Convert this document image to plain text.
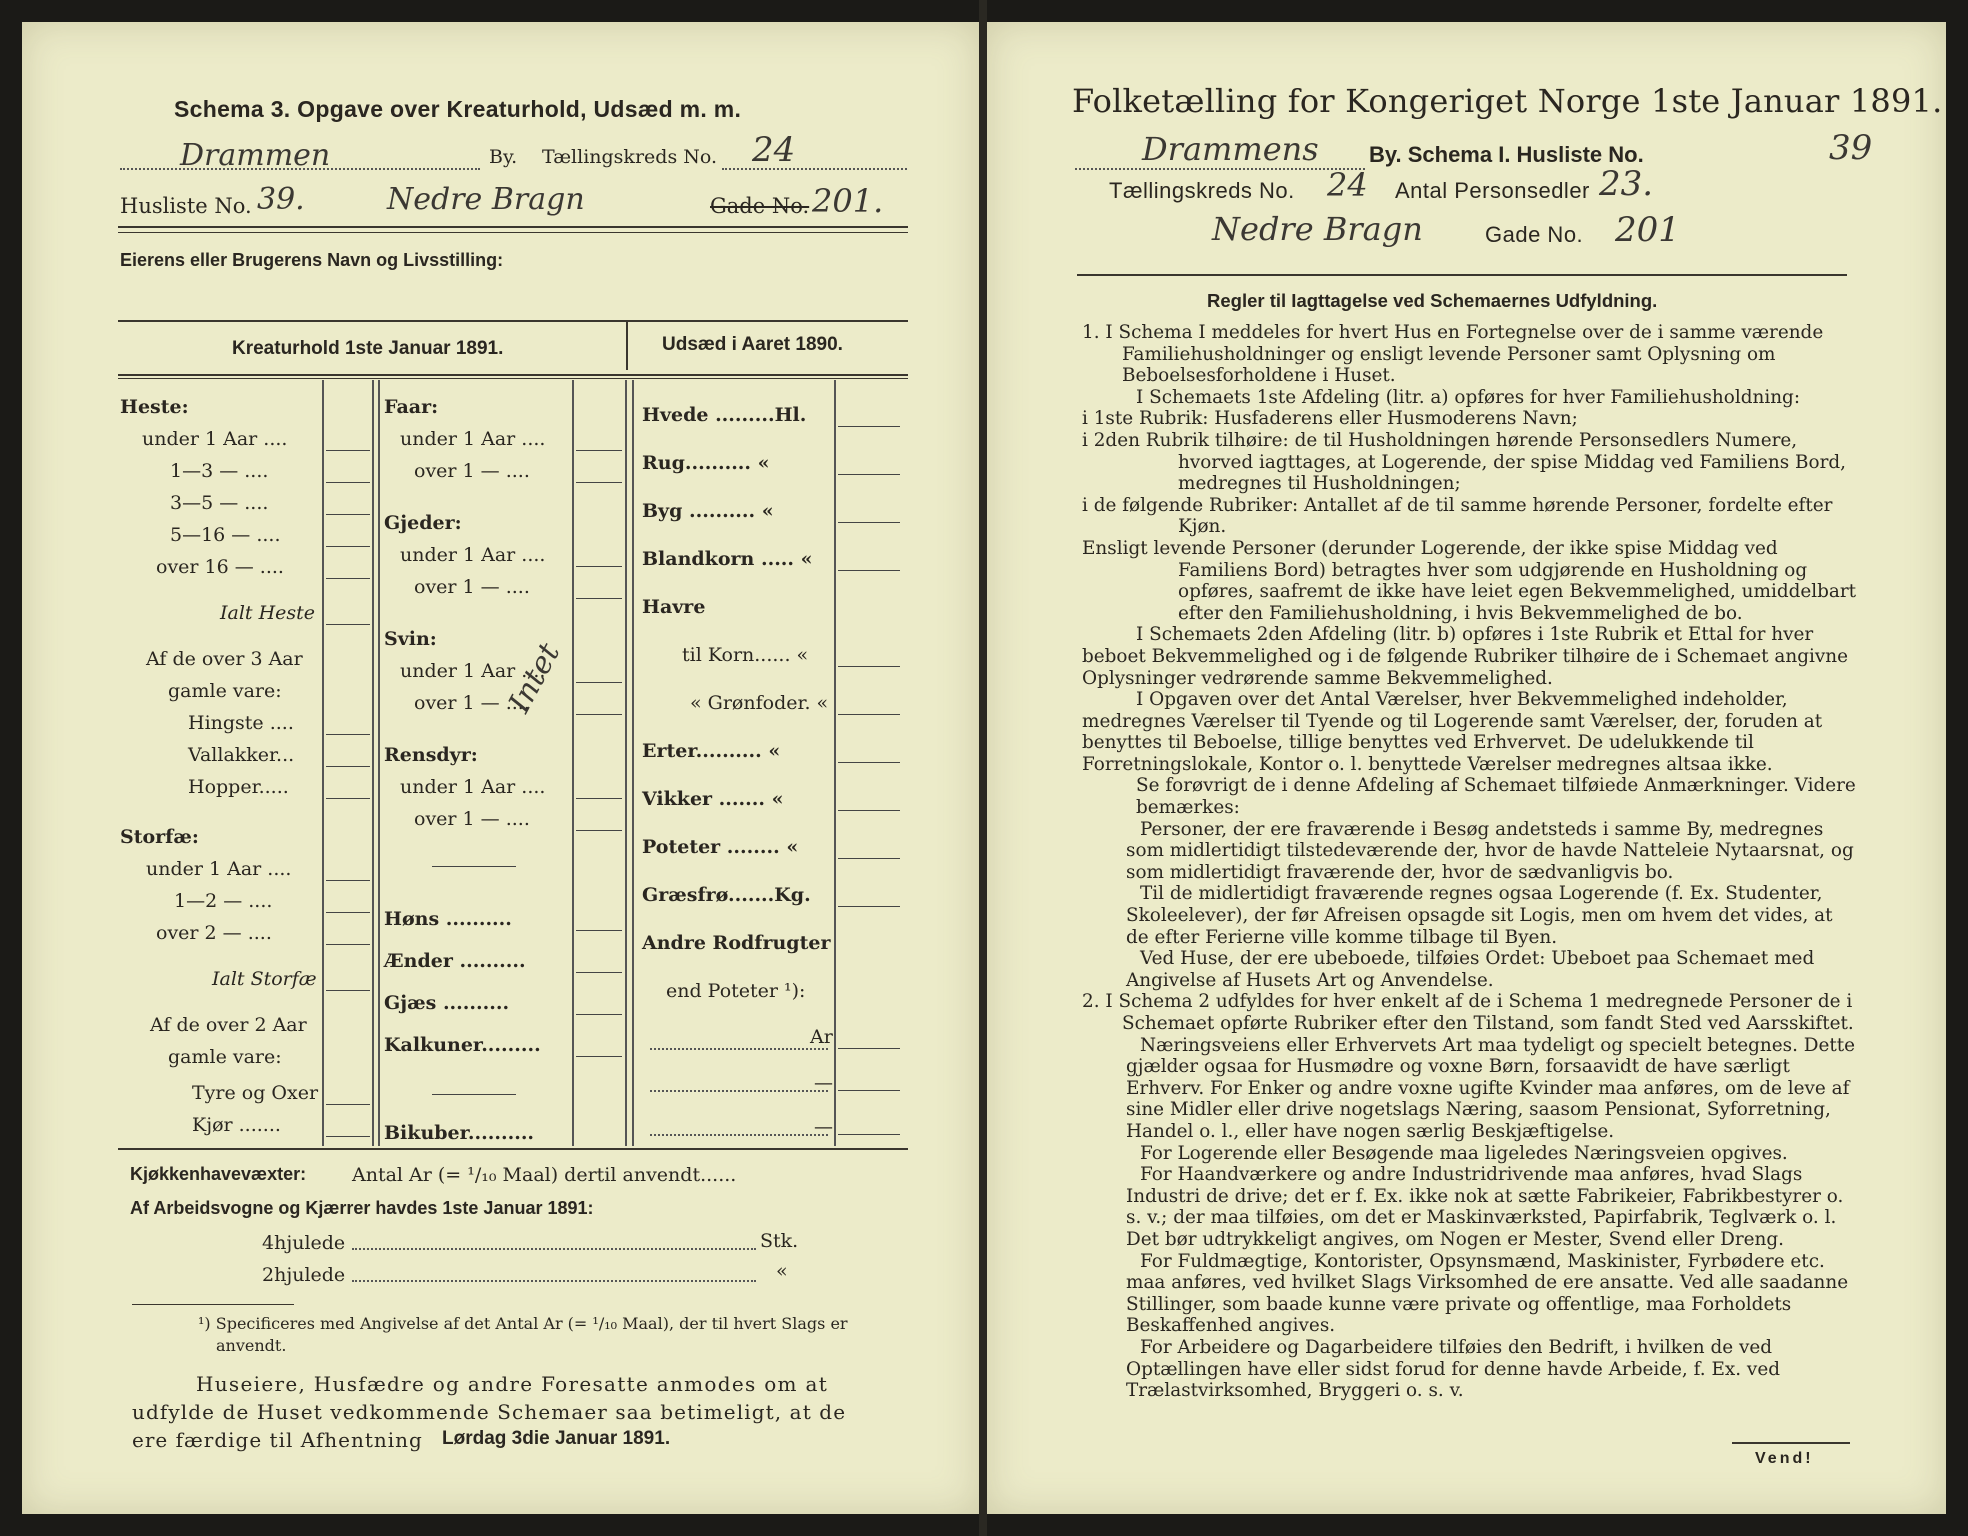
Schema 3. Opgave over Kreaturhold, Udsæd m. m.
Drammen	By. Tællingskreds No. 24
Husliste No. 39.	Nedre Bragn	Gade No. 201.
Eierens eller Brugerens Navn og Livsstilling:
Kreaturhold 1ste Januar 1891.	Udsæd i Aaret 1890.
Heste:
under 1 Aar ....
1—3 — ....
3—5 — ....
5—16 — ....
over 16 — ....
Ialt Heste
Af de over 3 Aar
gamle vare:
Hingste ....
Vallakker...
Hopper.....
Storfæ:
under 1 Aar ....
1—2 — ....
over 2 — ....
Ialt Storfæ
Af de over 2 Aar
gamle vare:
Tyre og Oxer
Kjør .......
Faar:
under 1 Aar ....
over 1 — ....
Gjeder:
under 1 Aar ....
over 1 — ....
Svin:
under 1 Aar ....
over 1 — ....
Rensdyr:
under 1 Aar ....
over 1 — ....
Høns ..........
Ænder ..........
Gjæs ..........
Kalkuner.........
Bikuber..........
Intet
Hvede .........Hl.
Rug.......... «
Byg .......... «
Blandkorn ..... «
Havre
til Korn...... «
« Grønfoder. «
Erter.......... «
Vikker ....... «
Poteter ........ «
Græsfrø.......Kg.
Andre Rodfrugter
end Poteter ¹):
Ar
—
—
Kjøkkenhavevæxter: Antal Ar (= ¹/₁₀ Maal) dertil anvendt......
Af Arbeidsvogne og Kjærrer havdes 1ste Januar 1891:
4hjulede	Stk.
2hjulede	«
¹) Specificeres med Angivelse af det Antal Ar (= ¹/₁₀ Maal), der til hvert Slags er
anvendt.
Huseiere, Husfædre og andre Foresatte anmodes om at
udfylde de Huset vedkommende Schemaer saa betimeligt, at de
ere færdige til Afhentning Lørdag 3die Januar 1891.
Folketælling for Kongeriget Norge 1ste Januar 1891.
Drammens By. Schema I. Husliste No.	39
Tællingskreds No. 24 Antal Personsedler 23.
Nedre Bragn	Gade No. 201
Regler til Iagttagelse ved Schemaernes Udfyldning.

1. I Schema I meddeles for hvert Hus en Fortegnelse over de i samme værende Familiehusholdninger og ensligt levende Personer samt Oplysning om Beboelsesforholdene i Huset.

I Schemaets 1ste Afdeling (litr. a) opføres for hver Familiehusholdning:

i 1ste Rubrik: Husfaderens eller Husmoderens Navn;

i 2den Rubrik tilhøire: de til Husholdningen hørende Personsedlers Numere, hvorved iagttages, at Logerende, der spise Middag ved Familiens Bord, medregnes til Husholdningen;

i de følgende Rubriker: Antallet af de til samme hørende Personer, fordelte efter Kjøn.

Ensligt levende Personer (derunder Logerende, der ikke spise Middag ved Familiens Bord) betragtes hver som udgjørende en Husholdning og opføres, saafremt de ikke have leiet egen Bekvemmelighed, umiddelbart efter den Familiehusholdning, i hvis Bekvemmelighed de bo.

I Schemaets 2den Afdeling (litr. b) opføres i 1ste Rubrik et Ettal for hver beboet Bekvemmelighed og i de følgende Rubriker tilhøire de i Schemaet angivne Oplysninger vedrørende samme Bekvemmelighed.

I Opgaven over det Antal Værelser, hver Bekvemmelighed indeholder, medregnes Værelser til Tyende og til Logerende samt Værelser, der, foruden at benyttes til Beboelse, tillige benyttes ved Erhvervet. De udelukkende til Forretningslokale, Kontor o. l. benyttede Værelser medregnes altsaa ikke.

Se forøvrigt de i denne Afdeling af Schemaet tilføiede Anmærkninger. Videre bemærkes:

Personer, der ere fraværende i Besøg andetsteds i samme By, medregnes som midlertidigt tilstedeværende der, hvor de havde Natteleie Nytaarsnat, og som midlertidigt fraværende der, hvor de sædvanligvis bo.

Til de midlertidigt fraværende regnes ogsaa Logerende (f. Ex. Studenter, Skoleelever), der før Afreisen opsagde sit Logis, men om hvem det vides, at de efter Ferierne ville komme tilbage til Byen.

Ved Huse, der ere ubeboede, tilføies Ordet: Ubeboet paa Schemaet med Angivelse af Husets Art og Anvendelse.

2. I Schema 2 udfyldes for hver enkelt af de i Schema 1 medregnede Personer de i Schemaet opførte Rubriker efter den Tilstand, som fandt Sted ved Aarsskiftet.

Næringsveiens eller Erhvervets Art maa tydeligt og specielt betegnes. Dette gjælder ogsaa for Husmødre og voxne Børn, forsaavidt de have særligt Erhverv. For Enker og andre voxne ugifte Kvinder maa anføres, om de leve af sine Midler eller drive nogetslags Næring, saasom Pensionat, Syforretning, Handel o. l., eller have nogen særlig Beskjæftigelse.

For Logerende eller Besøgende maa ligeledes Næringsveien opgives.

For Haandværkere og andre Industridrivende maa anføres, hvad Slags Industri de drive; det er f. Ex. ikke nok at sætte Fabrikeier, Fabrikbestyrer o. s. v.; der maa tilføies, om det er Maskinværksted, Papirfabrik, Teglværk o. l. Det bør udtrykkeligt angives, om Nogen er Mester, Svend eller Dreng.

For Fuldmægtige, Kontorister, Opsynsmænd, Maskinister, Fyrbødere etc. maa anføres, ved hvilket Slags Virksomhed de ere ansatte. Ved alle saadanne Stillinger, som baade kunne være private og offentlige, maa Forholdets Beskaffenhed angives.

For Arbeidere og Dagarbeidere tilføies den Bedrift, i hvilken de ved Optællingen have eller sidst forud for denne havde Arbeide, f. Ex. ved Trælastvirksomhed, Bryggeri o. s. v.

Vend!
